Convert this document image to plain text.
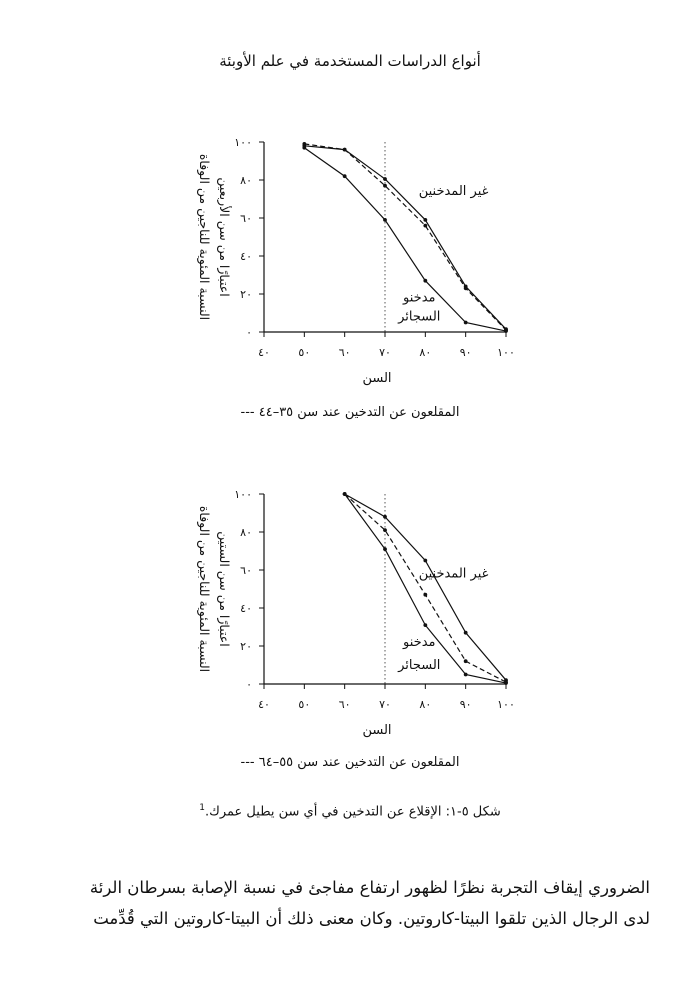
أنواع الدراسات المستخدمة في علم الأوبئة
٠
٢٠
٤٠
٦٠
٨٠
١٠٠
٤٠	٥٠	٦٠	٧٠	٨٠	٩٠ ١٠٠
السن
النسبة المئوية للناجين من الوفاة اعتبارًا من سن الأربعين	غير المدخنين
مدخنو
السجائر
المقلعون عن التدخين عند سن ٣٥–٤٤ ---
٠
٢٠
٤٠
٦٠
٨٠
١٠٠
٤٠	٥٠	٦٠	٧٠	٨٠	٩٠ ١٠٠
السن
النسبة المئوية للناجين من الوفاة اعتبارًا من سن الستين	غير المدخنين
مدخنو
السجائر
المقلعون عن التدخين عند سن ٥٥–٦٤ ---
شكل ٥-١: الإقلاع عن التدخين في أي سن يطيل عمرك.$^1$

الضروري إيقاف التجربة نظرًا لظهور ارتفاع مفاجئ في نسبة الإصابة بسرطان الرئة

لدى الرجال الذين تلقوا البيتا-كاروتين. وكان معنى ذلك أن البيتا-كاروتين التي قُدِّمت
